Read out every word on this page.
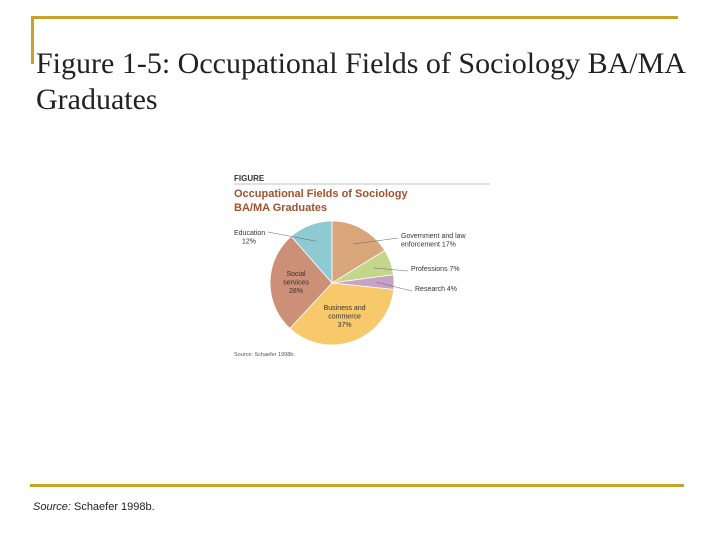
Figure 1-5: Occupational Fields of Sociology BA/MA Graduates
FIGURE
Occupational Fields of Sociology
BA/MA Graduates
Government and law
enforcement 17%
Professions 7%
Research 4%
Business and
commerce
37%
Social
services
28%
Education
12%
Source: Schaefer 1998b.
Source: Schaefer 1998b.
